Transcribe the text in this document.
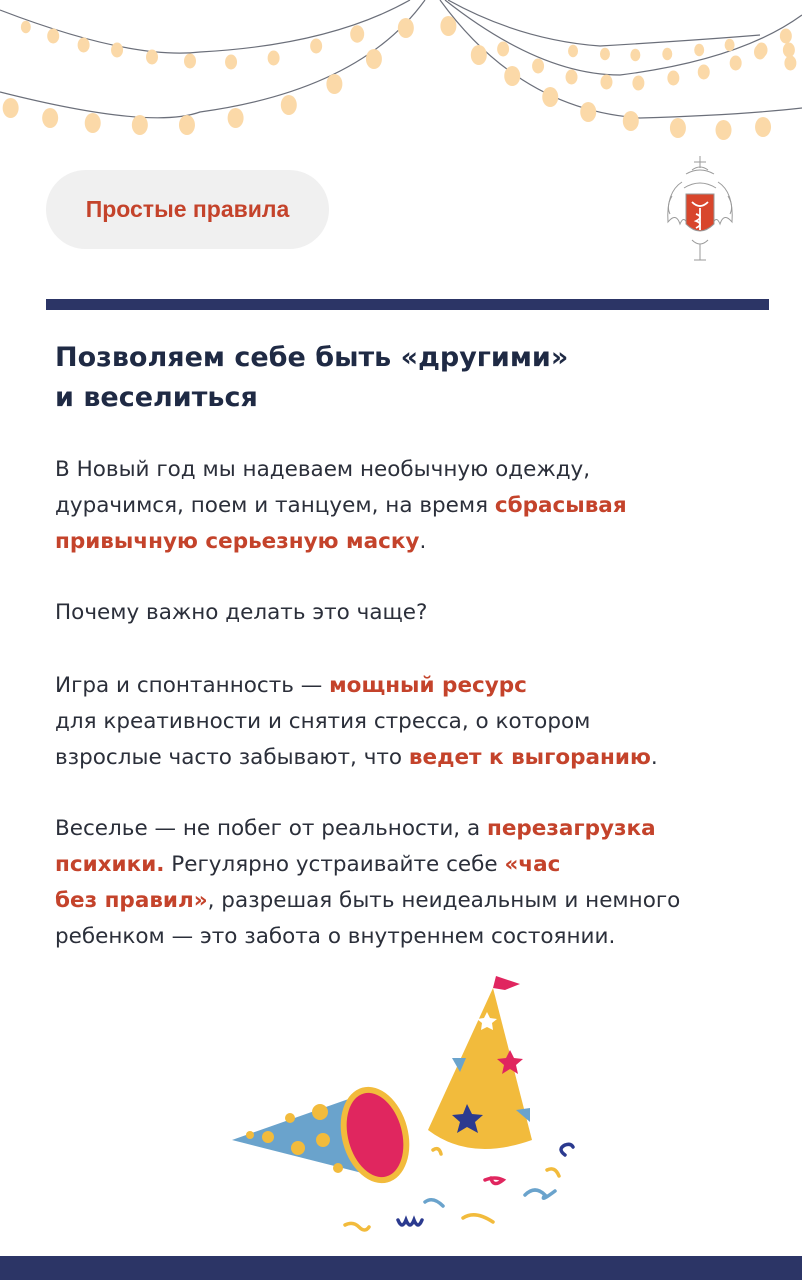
Простые правила
Позволяем себе быть «другими»
и веселиться

В Новый год мы надеваем необычную одежду,
дурачимся, поем и танцуем, на время сбрасывая
привычную серьезную маску.

Почему важно делать это чаще?

Игра и спонтанность — мощный ресурс
для креативности и снятия стресса, о котором
взрослые часто забывают, что ведет к выгоранию.

Веселье — не побег от реальности, а перезагрузка
психики. Регулярно устраивайте себе «час
без правил», разрешая быть неидеальным и немного
ребенком — это забота о внутреннем состоянии.
